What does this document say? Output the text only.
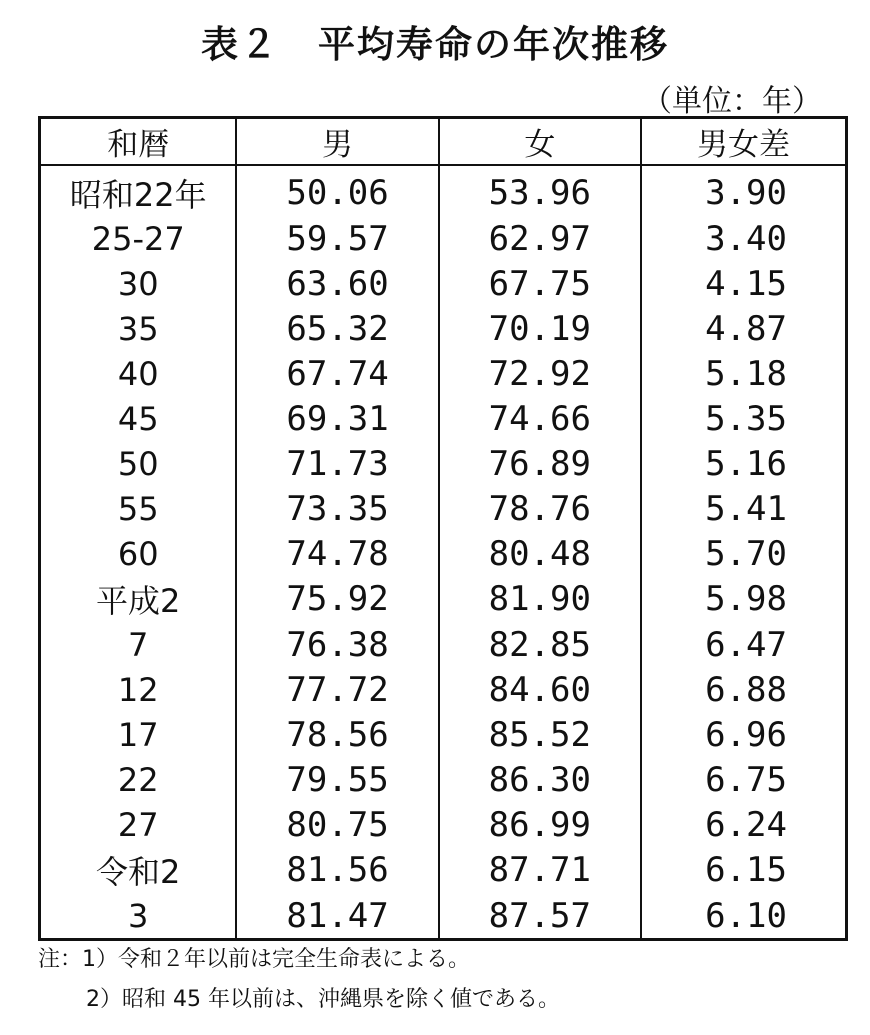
表２　平均寿命の年次推移
（単位：年）
和暦	男	女	男女差
昭和22年	50.06	53.96	3.90
25-27	59.57	62.97	3.40
30	63.60	67.75	4.15
35	65.32	70.19	4.87
40	67.74	72.92	5.18
45	69.31	74.66	5.35
50	71.73	76.89	5.16
55	73.35	78.76	5.41
60	74.78	80.48	5.70
平成2	75.92	81.90	5.98
7	76.38	82.85	6.47
12	77.72	84.60	6.88
17	78.56	85.52	6.96
22	79.55	86.30	6.75
27	80.75	86.99	6.24
令和2	81.56	87.71	6.15
3	81.47	87.57	6.10
注：1）令和２年以前は完全生命表による。
2）昭和 45 年以前は、沖縄県を除く値である。
